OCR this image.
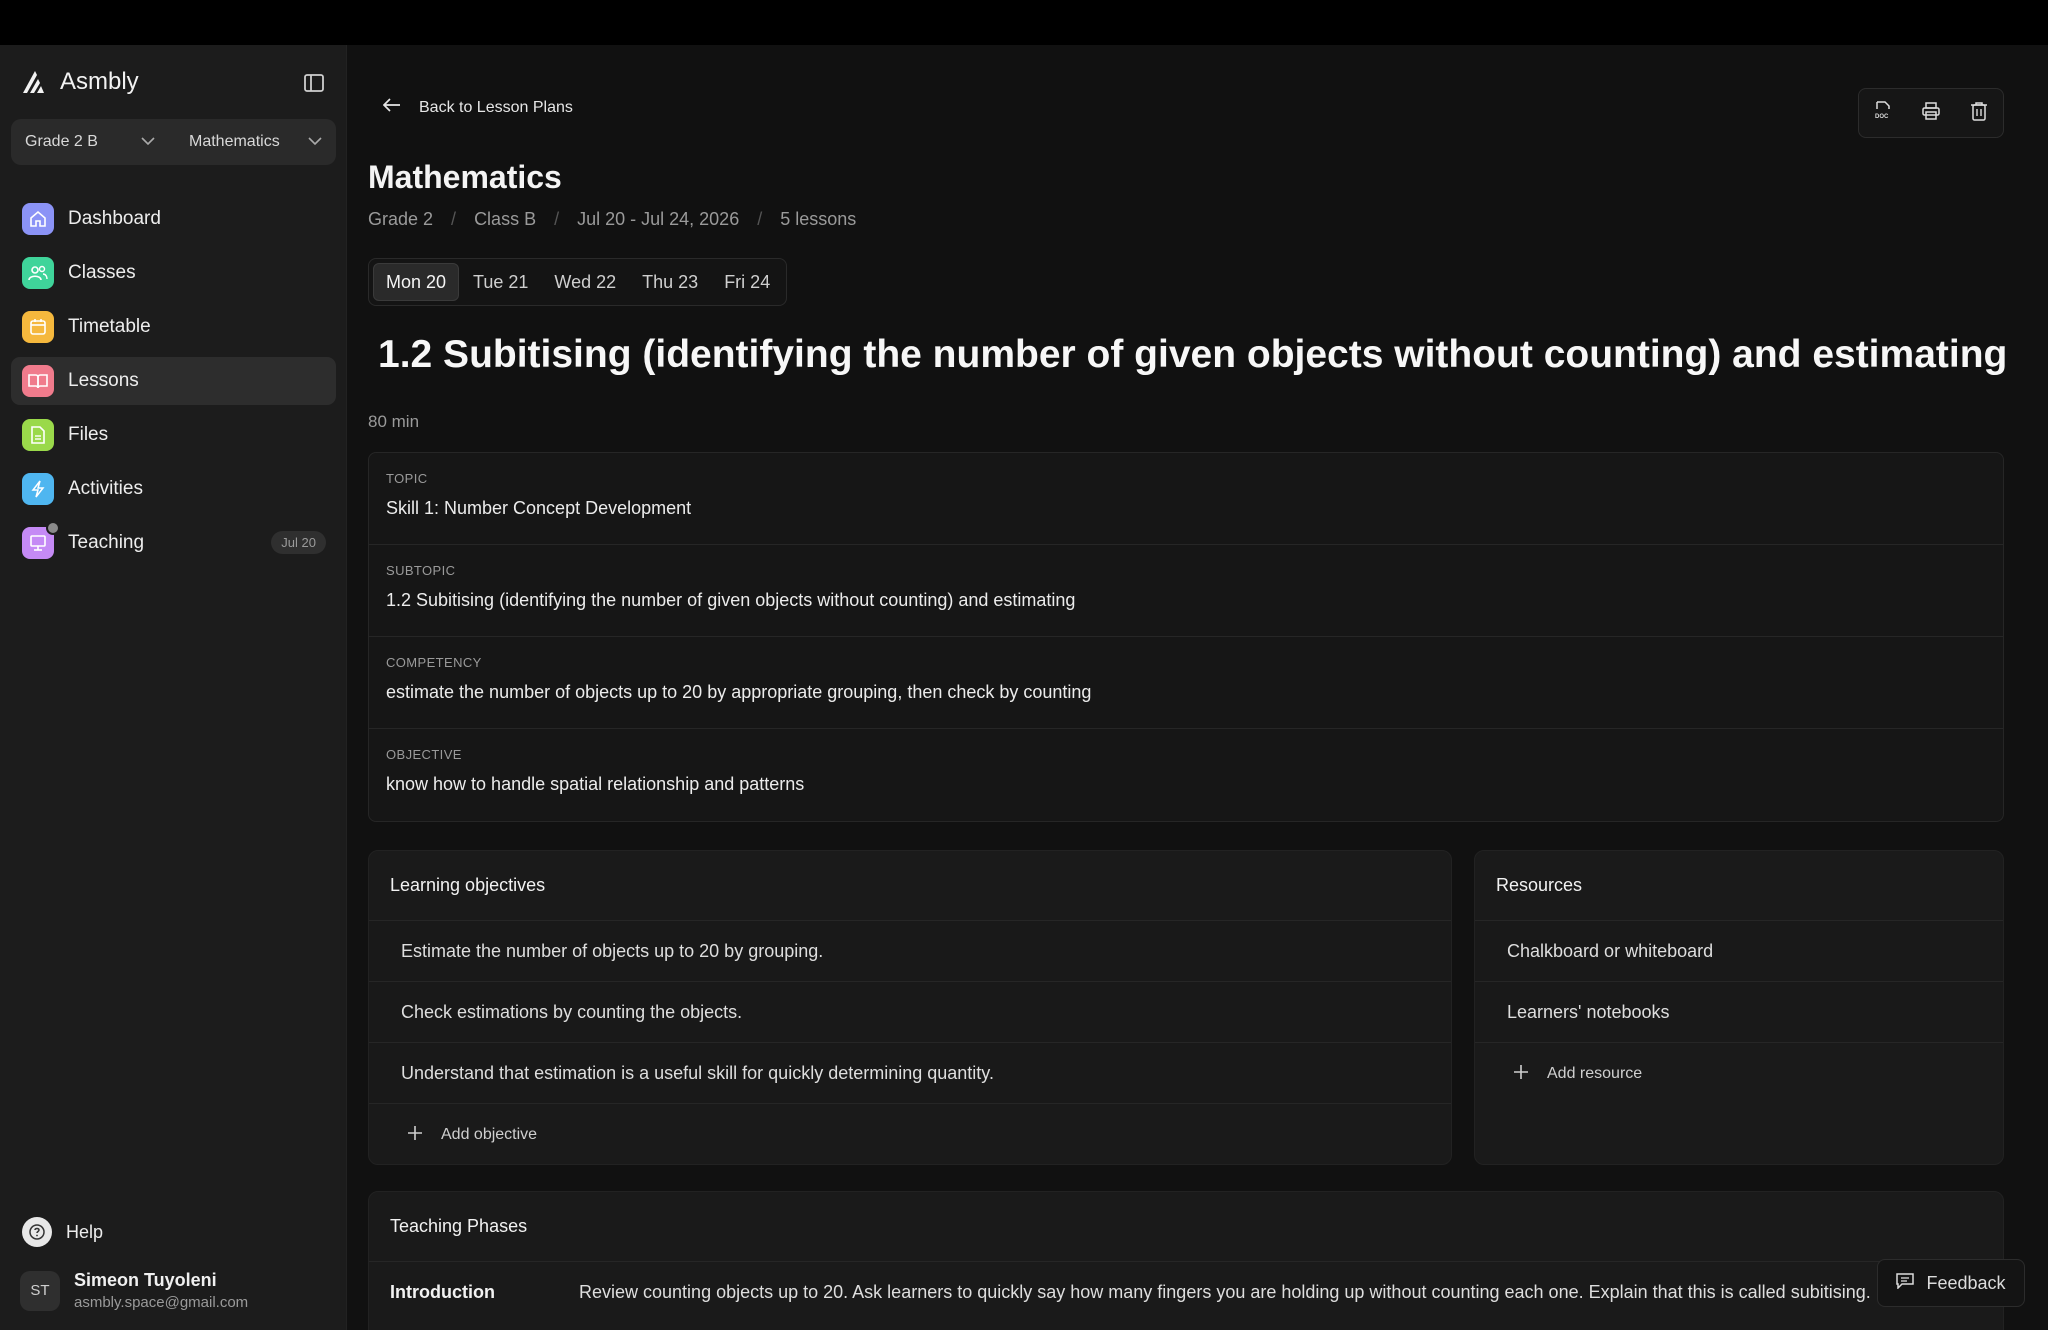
Asmbly
Grade 2 B	Mathematics
Dashboard
Classes
Timetable
Lessons
Files
Activities
Teaching	Jul 20
Help
ST
Simeon Tuyoleni
asmbly.space@gmail.com
Back to Lesson Plans
DOC
Mathematics
Grade 2 / Class B / Jul 20 - Jul 24, 2026 / 5 lessons
Mon 20	Tue 21	Wed 22	Thu 23	Fri 24
1.2 Subitising (identifying the number of given objects without counting) and estimating
80 min
TOPIC
Skill 1: Number Concept Development
SUBTOPIC
1.2 Subitising (identifying the number of given objects without counting) and estimating
COMPETENCY
estimate the number of objects up to 20 by appropriate grouping, then check by counting
OBJECTIVE
know how to handle spatial relationship and patterns
Learning objectives
Estimate the number of objects up to 20 by grouping.
Check estimations by counting the objects.
Understand that estimation is a useful skill for quickly determining quantity.
Add objective
Resources
Chalkboard or whiteboard
Learners' notebooks
Add resource
Teaching Phases
Introduction	Review counting objects up to 20. Ask learners to quickly say how many fingers you are holding up without counting each one. Explain that this is called subitising.	Feedback
